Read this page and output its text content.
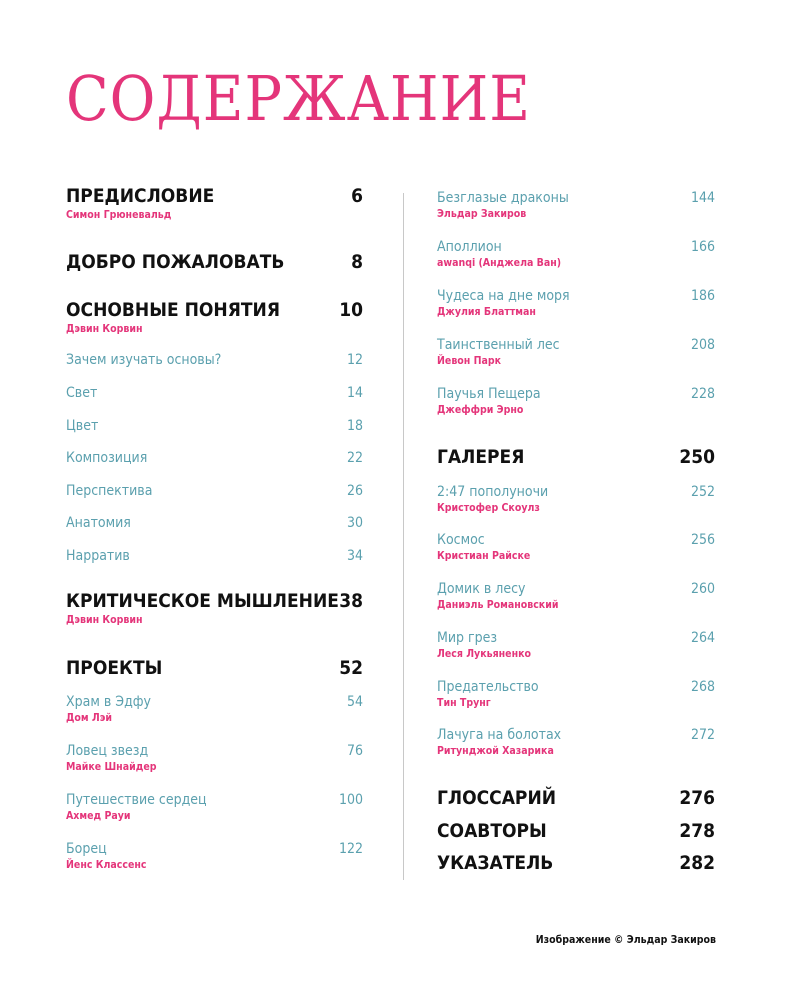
СОДЕРЖАНИЕ
ПРЕДИСЛОВИЕ	6
Симон Грюневальд
ДОБРО ПОЖАЛОВАТЬ	8
ОСНОВНЫЕ ПОНЯТИЯ	10
Дэвин Корвин
Зачем изучать основы?	12
Свет	14
Цвет	18
Композиция	22
Перспектива	26
Анатомия	30
Нарратив	34
КРИТИЧЕСКОЕ МЫШЛЕНИЕ 38
Дэвин Корвин
ПРОЕКТЫ	52
Храм в Эдфу	54
Дом Лэй
Ловец звезд	76
Майке Шнайдер
Путешествие сердец	100
Ахмед Рауи
Борец	122
Йенс Классенс
Безглазые драконы	144
Эльдар Закиров
Аполлион	166
awanqi (Анджела Ван)
Чудеса на дне моря	186
Джулия Блаттман
Таинственный лес	208
Йевон Парк
Паучья Пещера	228
Джеффри Эрно
ГАЛЕРЕЯ	250
2:47 пополуночи	252
Кристофер Скоулз
Космос	256
Кристиан Райске
Домик в лесу	260
Даниэль Романовский
Мир грез	264
Леся Лукьяненко
Предательство	268
Тин Трунг
Лачуга на болотах	272
Ритунджой Хазарика
ГЛОССАРИЙ	276
СОАВТОРЫ	278
УКАЗАТЕЛЬ	282
Изображение © Эльдар Закиров
